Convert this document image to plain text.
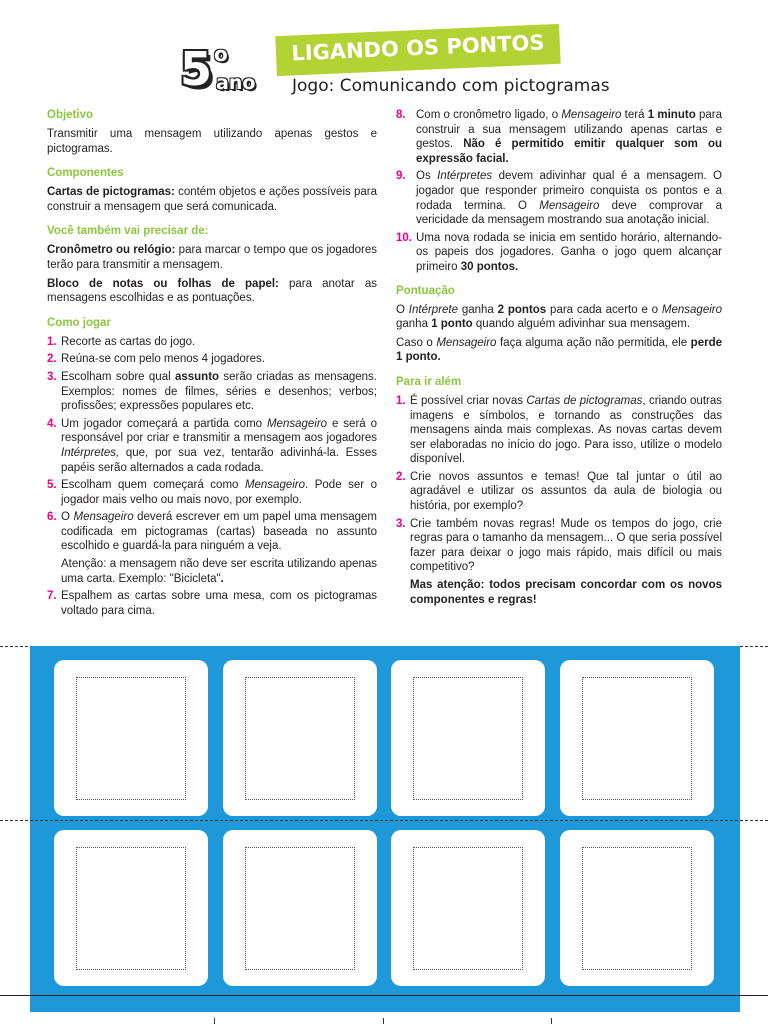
5 o
ano
LIGANDO OS PONTOS
Jogo: Comunicando com pictogramas
Objetivo
Transmitir uma mensagem utilizando apenas gestos e pictogramas.
Componentes
Cartas de pictogramas: contém objetos e ações possíveis para construir a mensagem que será comunicada.
Você também vai precisar de:
Cronômetro ou relógio: para marcar o tempo que os jogadores terão para transmitir a mensagem.
Bloco de notas ou folhas de papel: para anotar as mensagens escolhidas e as pontuações.
Como jogar
1. Recorte as cartas do jogo.
2. Reúna-se com pelo menos 4 jogadores.
3. Escolham sobre qual assunto serão criadas as mensagens. Exemplos: nomes de filmes, séries e desenhos; verbos; profissões; expressões populares etc.
4. Um jogador começará a partida como Mensageiro e será o responsável por criar e transmitir a mensagem aos jogadores Intérpretes, que, por sua vez, tentarão adivinhá-la. Esses papéis serão alternados a cada rodada.
5. Escolham quem começará como Mensageiro. Pode ser o jogador mais velho ou mais novo, por exemplo.
6. O Mensageiro deverá escrever em um papel uma mensagem codificada em pictogramas (cartas) baseada no assunto escolhido e guardá-la para ninguém a veja.
Atenção: a mensagem não deve ser escrita utilizando apenas uma carta. Exemplo: "Bicicleta".
7. Espalhem as cartas sobre uma mesa, com os pictogramas voltado para cima.
8. Com o cronômetro ligado, o Mensageiro terá 1 minuto para construir a sua mensagem utilizando apenas cartas e gestos. Não é permitido emitir qualquer som ou expressão facial.
9. Os Intérpretes devem adivinhar qual é a mensagem. O jogador que responder primeiro conquista os pontos e a rodada termina. O Mensageiro deve comprovar a vericidade da mensagem mostrando sua anotação inicial.
10. Uma nova rodada se inicia em sentido horário, alternando-os papeis dos jogadores. Ganha o jogo quem alcançar primeiro 30 pontos.
Pontuação
O Intérprete ganha 2 pontos para cada acerto e o Mensageiro ganha 1 ponto quando alguém adivinhar sua mensagem.
Caso o Mensageiro faça alguma ação não permitida, ele perde 1 ponto.
Para ir além
1. É possível criar novas Cartas de pictogramas, criando outras imagens e símbolos, e tornando as construções das mensagens ainda mais complexas. As novas cartas devem ser elaboradas no início do jogo. Para isso, utilize o modelo disponível.
2. Crie novos assuntos e temas! Que tal juntar o útil ao agradável e utilizar os assuntos da aula de biologia ou história, por exemplo?
3. Crie também novas regras! Mude os tempos do jogo, crie regras para o tamanho da mensagem... O que seria possível fazer para deixar o jogo mais rápido, mais difícil ou mais competitivo?
Mas atenção: todos precisam concordar com os novos componentes e regras!
